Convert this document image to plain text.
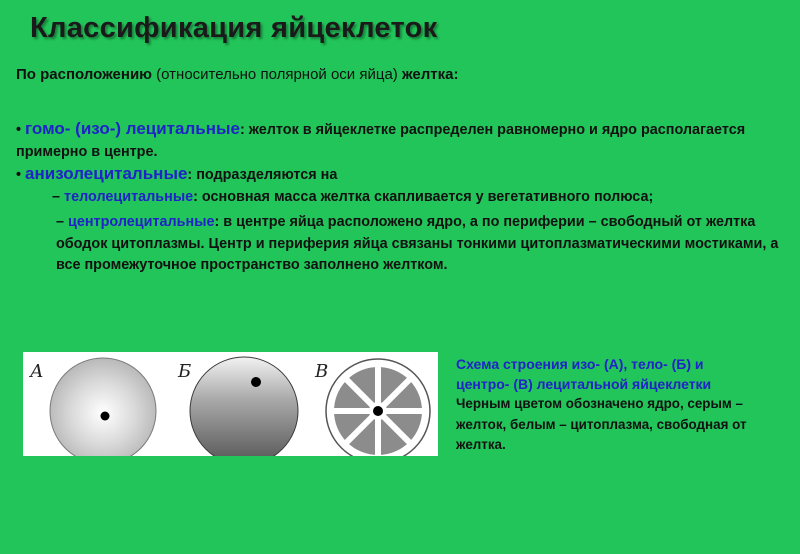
Классификация яйцеклеток
По расположению (относительно полярной оси яйца) желтка:

• гомо- (изо-) лецитальные: желток в яйцеклетке распределен равномерно и ядро располагается примерно в центре.

• анизолецитальные: подразделяются на

– телолецитальные: основная масса желтка скапливается у вегетативного полюса;

– центролецитальные: в центре яйца расположено ядро, а по периферии – свободный от желтка ободок цитоплазмы. Центр и периферия яйца связаны тонкими цитоплазматическими мостиками, а все промежуточное пространство заполнено желтком.

А	Б	В	Схема строения изо- (А), тело- (Б) и центро- (В) лецитальной яйцеклетки
Черным цветом обозначено ядро, серым – желток, белым – цитоплазма, свободная от желтка.
